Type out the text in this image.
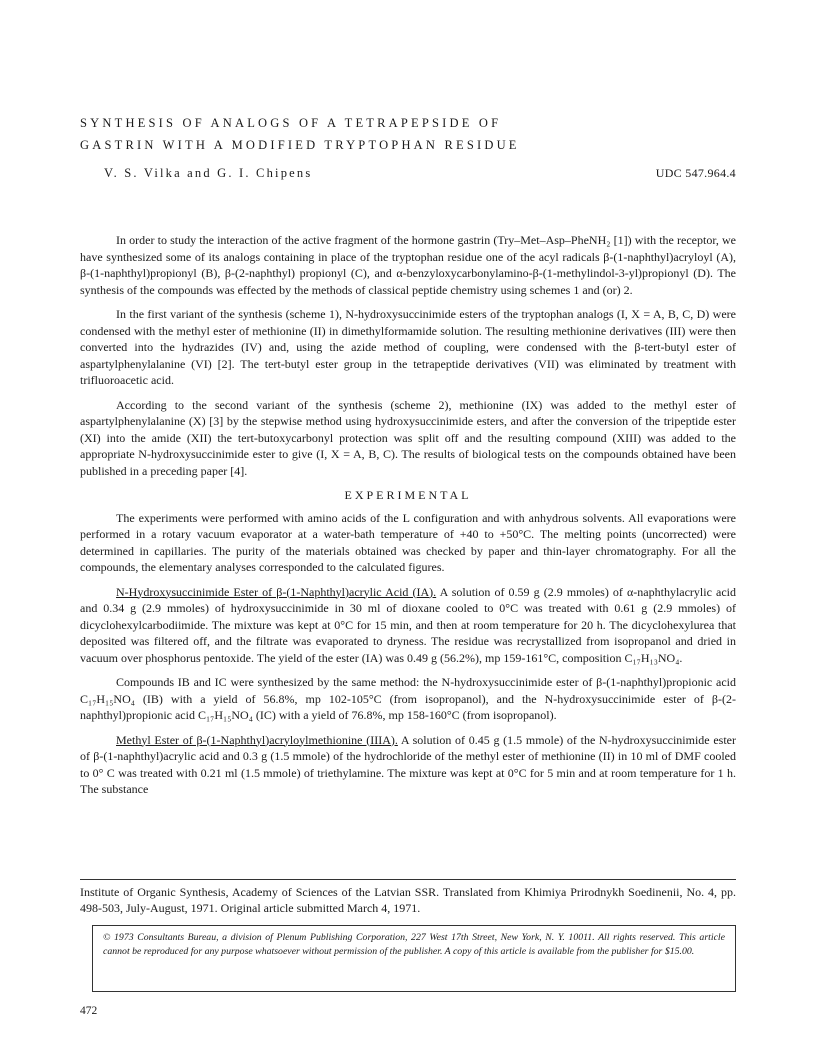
SYNTHESIS OF ANALOGS OF A TETRAPEPSIDE OF
GASTRIN WITH A MODIFIED TRYPTOPHAN RESIDUE
V. S. Vilka and G. I. Chipens	UDC 547.964.4

In order to study the interaction of the active fragment of the hormone gastrin (Try–Met–Asp–PheNH₂ [1]) with the receptor, we have synthesized some of its analogs containing in place of the tryptophan residue one of the acyl radicals β-(1-naphthyl)acryloyl (A), β-(1-naphthyl)propionyl (B), β-(2-naphthyl) propionyl (C), and α-benzyloxycarbonylamino-β-(1-methylindol-3-yl)propionyl (D). The synthesis of the compounds was effected by the methods of classical peptide chemistry using schemes 1 and (or) 2.

In the first variant of the synthesis (scheme 1), N-hydroxysuccinimide esters of the tryptophan analogs (I, X = A, B, C, D) were condensed with the methyl ester of methionine (II) in dimethylformamide solution. The resulting methionine derivatives (III) were then converted into the hydrazides (IV) and, using the azide method of coupling, were condensed with the β-tert-butyl ester of aspartylphenylalanine (VI) [2]. The tert-butyl ester group in the tetrapeptide derivatives (VII) was eliminated by treatment with trifluoroacetic acid.

According to the second variant of the synthesis (scheme 2), methionine (IX) was added to the methyl ester of aspartylphenylalanine (X) [3] by the stepwise method using hydroxysuccinimide esters, and after the conversion of the tripeptide ester (XI) into the amide (XII) the tert-butoxycarbonyl protection was split off and the resulting compound (XIII) was added to the appropriate N-hydroxysuccinimide ester to give (I, X = A, B, C). The results of biological tests on the compounds obtained have been published in a preceding paper [4].

EXPERIMENTAL

The experiments were performed with amino acids of the L configuration and with anhydrous solvents. All evaporations were performed in a rotary vacuum evaporator at a water-bath temperature of +40 to +50°C. The melting points (uncorrected) were determined in capillaries. The purity of the materials obtained was checked by paper and thin-layer chromatography. For all the compounds, the elementary analyses corresponded to the calculated figures.

N-Hydroxysuccinimide Ester of β-(1-Naphthyl)acrylic Acid (IA). A solution of 0.59 g (2.9 mmoles) of α-naphthylacrylic acid and 0.34 g (2.9 mmoles) of hydroxysuccinimide in 30 ml of dioxane cooled to 0°C was treated with 0.61 g (2.9 mmoles) of dicyclohexylcarbodiimide. The mixture was kept at 0°C for 15 min, and then at room temperature for 20 h. The dicyclohexylurea that deposited was filtered off, and the filtrate was evaporated to dryness. The residue was recrystallized from isopropanol and dried in vacuum over phosphorus pentoxide. The yield of the ester (IA) was 0.49 g (56.2%), mp 159-161°C, composition C₁₇H₁₃NO₄.

Compounds IB and IC were synthesized by the same method: the N-hydroxysuccinimide ester of β-(1-naphthyl)propionic acid C₁₇H₁₅NO₄ (IB) with a yield of 56.8%, mp 102-105°C (from isopropanol), and the N-hydroxysuccinimide ester of β-(2-naphthyl)propionic acid C₁₇H₁₅NO₄ (IC) with a yield of 76.8%, mp 158-160°C (from isopropanol).

Methyl Ester of β-(1-Naphthyl)acryloylmethionine (IIIA). A solution of 0.45 g (1.5 mmole) of the N-hydroxysuccinimide ester of β-(1-naphthyl)acrylic acid and 0.3 g (1.5 mmole) of the hydrochloride of the methyl ester of methionine (II) in 10 ml of DMF cooled to 0° C was treated with 0.21 ml (1.5 mmole) of triethylamine. The mixture was kept at 0°C for 5 min and at room temperature for 1 h. The substance

Institute of Organic Synthesis, Academy of Sciences of the Latvian SSR. Translated from Khimiya Prirodnykh Soedinenii, No. 4, pp. 498-503, July-August, 1971. Original article submitted March 4, 1971.
© 1973 Consultants Bureau, a division of Plenum Publishing Corporation, 227 West 17th Street, New York, N. Y. 10011. All rights reserved. This article cannot be reproduced for any purpose whatsoever without permission of the publisher. A copy of this article is available from the publisher for $15.00.
472
